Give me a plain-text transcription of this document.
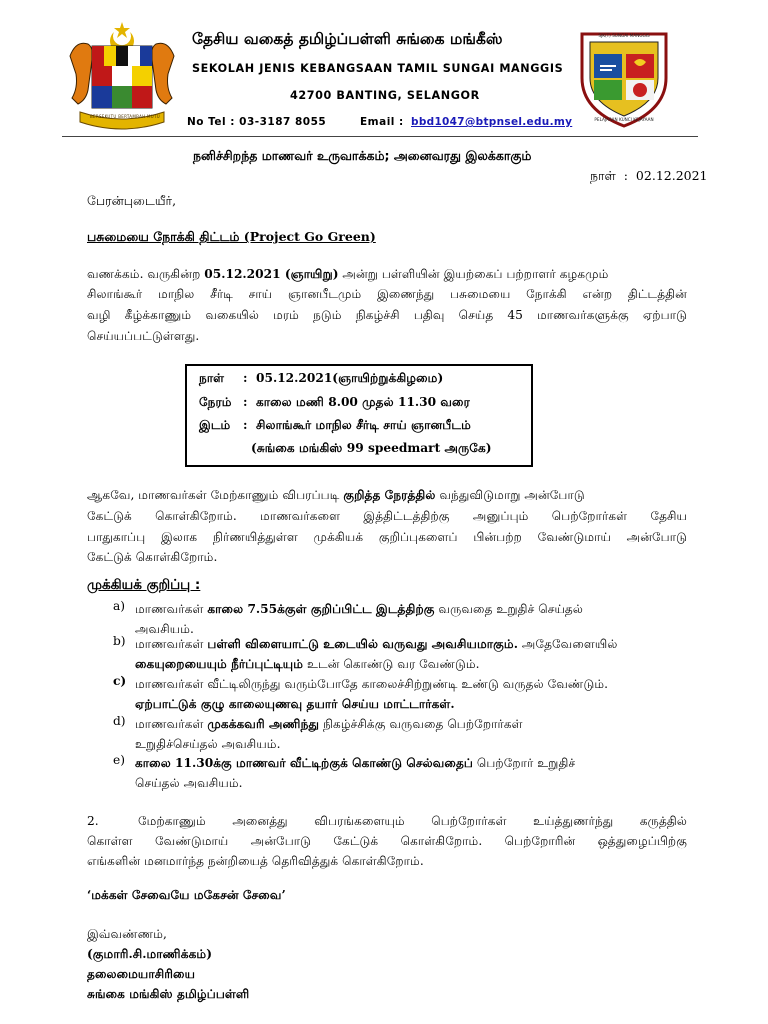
BERSEKUTU BERTAMBAH MUTU
தேசிய வகைத் தமிழ்ப்பள்ளி சுங்கை மங்கீஸ்
SEKOLAH JENIS KEBANGSAAN TAMIL SUNGAI MANGGIS
42700 BANTING, SELANGOR
No Tel : 03-3187 8055	Email : bbd1047@btpnsel.edu.my
SJK(T) SUNGAI MANGGIS
PELAJARAN KUNCI KEJAYAAN
நனிச்சிறந்த மாணவர் உருவாக்கம்; அனைவரது இலக்காகும்
நாள்  :  02.12.2021
பேரன்புடையீர்,
பசுமையை நோக்கி திட்டம் (Project Go Green)
வணக்கம். வருகின்ற 05.12.2021 (ஞாயிறு) அன்று பள்ளியின் இயற்கைப் பற்றாளர் கழகமும்
சிலாங்கூர் மாநில சீர்டி சாய் ஞானபீடமும் இணைந்து பசுமையை நோக்கி என்ற திட்டத்தின்
வழி கீழ்க்காணும் வகையில் மரம் நடும் நிகழ்ச்சி பதிவு செய்த 45 மாணவர்களுக்கு ஏற்பாடு
செய்யப்பட்டுள்ளது.
நாள் :  05.12.2021(ஞாயிற்றுக்கிழமை)
நேரம் :  காலை மணி 8.00 முதல் 11.30 வரை
இடம் :  சிலாங்கூர் மாநில சீர்டி சாய் ஞானபீடம்
(சுங்கை மங்கிஸ் 99 speedmart அருகே)
ஆகவே, மாணவர்கள் மேற்காணும் விபரப்படி குறித்த நேரத்தில் வந்துவிடுமாறு அன்போடு
கேட்டுக் கொள்கிறோம். மாணவர்களை இத்திட்டத்திற்கு அனுப்பும் பெற்றோர்கள் தேசிய
பாதுகாப்பு இலாக நிர்ணயித்துள்ள முக்கியக் குறிப்புகளைப் பின்பற்ற வேண்டுமாய் அன்போடு
கேட்டுக் கொள்கிறோம்.
முக்கியக் குறிப்பு :
a) மாணவர்கள் காலை 7.55க்குள் குறிப்பிட்ட இடத்திற்கு வருவதை உறுதிச் செய்தல்
அவசியம்.
b) மாணவர்கள் பள்ளி விளையாட்டு உடையில் வருவது அவசியமாகும். அதேவேளையில்
கையுறையையும் நீர்ப்புட்டியும் உடன் கொண்டு வர வேண்டும்.
c) மாணவர்கள் வீட்டிலிருந்து வரும்போதே காலைச்சிற்றுண்டி உண்டு வருதல் வேண்டும்.
ஏற்பாட்டுக் குழு காலையுணவு தயார் செய்ய மாட்டார்கள்.
d) மாணவர்கள் முகக்கவரி அணிந்து நிகழ்ச்சிக்கு வருவதை பெற்றோர்கள்
உறுதிச்செய்தல் அவசியம்.
e) காலை 11.30க்கு மாணவர் வீட்டிற்குக் கொண்டு செல்வதைப் பெற்றோர் உறுதிச்
செய்தல் அவசியம்.
2.	மேற்காணும் அனைத்து விபரங்களையும் பெற்றோர்கள் உய்த்துணர்ந்து கருத்தில்
கொள்ள வேண்டுமாய் அன்போடு கேட்டுக் கொள்கிறோம். பெற்றோரின் ஒத்துழைப்பிற்கு
எங்களின் மனமார்ந்த நன்றியைத் தெரிவித்துக் கொள்கிறோம்.
‘மக்கள் சேவையே மகேசன் சேவை’
இவ்வண்ணம்,
(குமாரி.சி.மாணிக்கம்)
தலைமையாசிரியை
சுங்கை மங்கிஸ் தமிழ்ப்பள்ளி
